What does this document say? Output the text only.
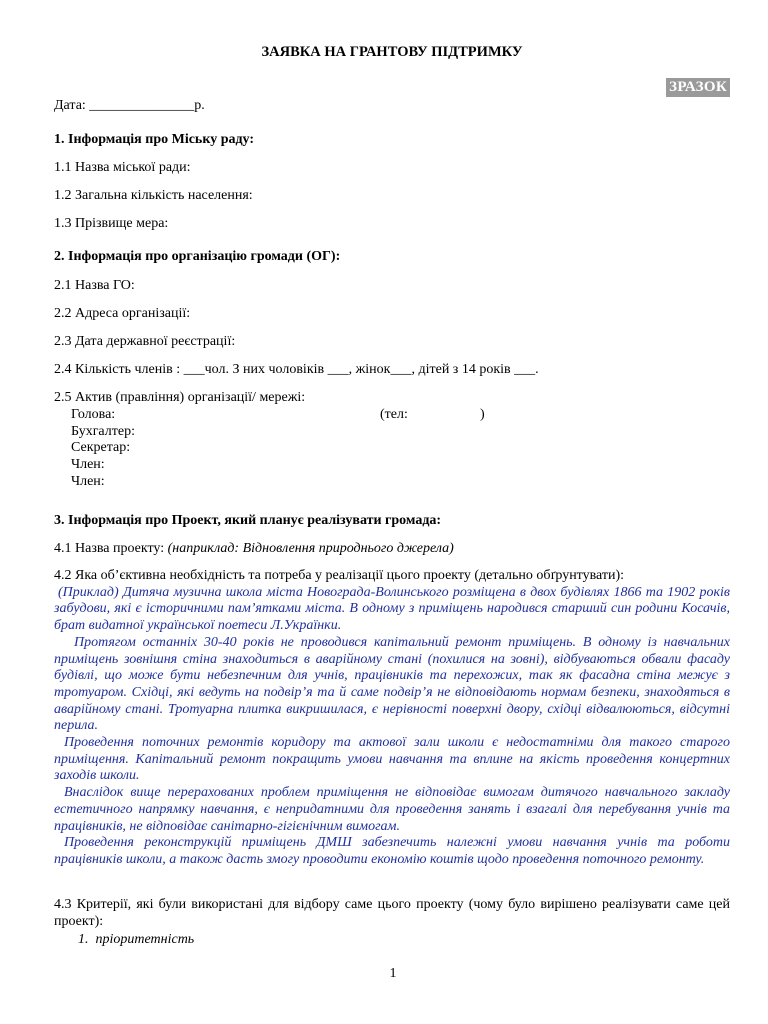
ЗАЯВКА НА ГРАНТОВУ ПІДТРИМКУ
ЗРАЗОК
Дата: _______________р.
1. Інформація про Міську раду:
1.1 Назва міської ради:
1.2 Загальна кількість населення:
1.3 Прізвище мера:
2. Інформація про організацію громади (ОГ):
2.1 Назва ГО:
2.2 Адреса організації:
2.3 Дата державної реєстрації:
2.4 Кількість членів : ___чол. З них чоловіків ___, жінок___, дітей з 14 років ___.
2.5 Актив (правління) організації/ мережі:
Голова:	(тел:	)
Бухгалтер:
Секретар:
Член:
Член:
3. Інформація про Проект, який планує реалізувати громада:
4.1 Назва проекту: (наприклад: Відновлення природнього джерела)
4.2 Яка об’єктивна необхідність та потреба у реалізації цього проекту (детально обґрунтувати):
(Приклад) Дитяча музична школа міста Новограда-Волинського розміщена в двох будівлях 1866 та 1902 років забудови, які є історичними пам’ятками міста. В одному з приміщень народився старший син родини Косачів, брат видатної української поетеси Л.Українки.
Протягом останніх 30-40 років не проводився капітальний ремонт приміщень. В одному із навчальних приміщень зовнішня стіна знаходиться в аварійному стані (похилися на зовні), відбуваються обвали фасаду будівлі, що може бути небезпечним для учнів, працівників та перехожих, так як фасадна стіна межує з тротуаром. Східці, які ведуть на подвір’я та й саме подвір’я не відповідають нормам безпеки, знаходяться в аварійному стані. Тротуарна плитка викришилася, є нерівності поверхні двору, східці відвалюються, відсутні перила.
Проведення поточних ремонтів коридору та актової зали школи є недостатніми для такого старого приміщення. Капітальний ремонт покращить умови навчання та вплине на якість проведення концертних заходів школи.
Внаслідок вище перерахованих проблем приміщення не відповідає вимогам дитячого навчального закладу естетичного напрямку навчання, є непридатними для проведення занять і взагалі для перебування учнів та працівників, не відповідає санітарно-гігієнічним вимогам.
Проведення реконструкцій приміщень ДМШ забезпечить належні умови навчання учнів та роботи працівників школи, а також дасть змогу проводити економію коштів щодо проведення поточного ремонту.
4.3 Критерії, які були використані для відбору саме цього проекту (чому було вирішено реалізувати саме цей проект):
1. пріоритетність
1
